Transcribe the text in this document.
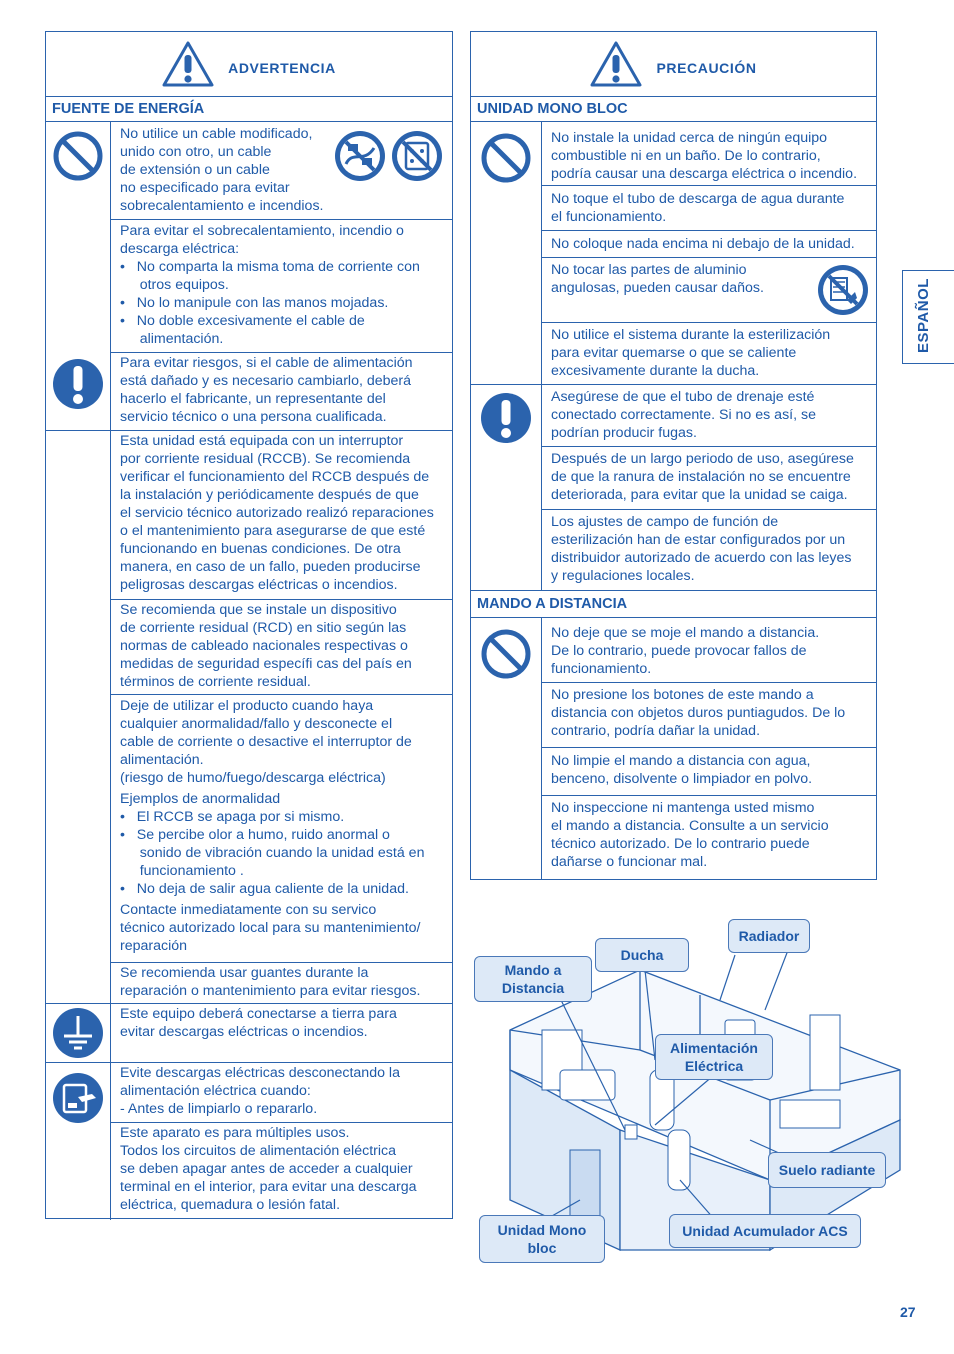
ADVERTENCIA
FUENTE DE ENERGÍA
No utilice un cable modificado,
unido con otro, un cable
de extensión o un cable
no especificado para evitar
sobrecalentamiento e incendios.
Para evitar el sobrecalentamiento, incendio o
descarga eléctrica:
•   No comparta la misma toma de corriente con
otros equipos.
•   No lo manipule con las manos mojadas.
•   No doble excesivamente el cable de
alimentación.
Para evitar riesgos, si el cable de alimentación
está dañado y es necesario cambiarlo, deberá
hacerlo el fabricante, un representante del
servicio técnico o una persona cualificada.
Esta unidad está equipada con un interruptor
por corriente residual (RCCB). Se recomienda
verificar el funcionamiento del RCCB después de
la instalación y periódicamente después de que
el servicio técnico autorizado realizó reparaciones
o el mantenimiento para asegurarse de que esté
funcionando en buenas condiciones. De otra
manera, en caso de un fallo, pueden producirse
peligrosas descargas eléctricas o incendios.
Se recomienda que se instale un dispositivo
de corriente residual (RCD) en sitio según las
normas de cableado nacionales respectivas o
medidas de seguridad específi cas del país en
términos de corriente residual.
Deje de utilizar el producto cuando haya
cualquier anormalidad/fallo y desconecte el
cable de corriente o desactive el interruptor de
alimentación.
(riesgo de humo/fuego/descarga eléctrica)
Ejemplos de anormalidad
•   El RCCB se apaga por si mismo.
•   Se percibe olor a humo, ruido anormal o
sonido de vibración cuando la unidad está en
funcionamiento .
•   No deja de salir agua caliente de la unidad.
Contacte inmediatamente con su servico
técnico autorizado local para su mantenimiento/
reparación
Se recomienda usar guantes durante la
reparación o mantenimiento para evitar riesgos.
Este equipo deberá conectarse a tierra para
evitar descargas eléctricas o incendios.
Evite descargas eléctricas desconectando la
alimentación eléctrica cuando:
- Antes de limpiarlo o repararlo.
Este aparato es para múltiples usos.
Todos los circuitos de alimentación eléctrica
se deben apagar antes de acceder a cualquier
terminal en el interior, para evitar una descarga
eléctrica, quemadura o lesión fatal.
PRECAUCIÓN
UNIDAD MONO BLOC
MANDO A DISTANCIA
No instale la unidad cerca de ningún equipo
combustible ni en un baño. De lo contrario,
podría causar una descarga eléctrica o incendio.
No toque el tubo de descarga de agua durante
el funcionamiento.
No coloque nada encima ni debajo de la unidad.
No tocar las partes de aluminio
angulosas, pueden causar daños.
No utilice el sistema durante la esterilización
para evitar quemarse o que se caliente
excesivamente durante la ducha.
Asegúrese de que el tubo de drenaje esté
conectado correctamente. Si no es así, se
podrían producir fugas.
Después de un largo periodo de uso, asegúrese
de que la ranura de instalación no se encuentre
deteriorada, para evitar que la unidad se caiga.
Los ajustes de campo de función de
esterilización han de estar configurados por un
distribuidor autorizado de acuerdo con las leyes
y regulaciones locales.
No deje que se moje el mando a distancia.
De lo contrario, puede provocar fallos de
funcionamiento.
No presione los botones de este mando a
distancia con objetos duros puntiagudos. De lo
contrario, podría dañar la unidad.
No limpie el mando a distancia con agua,
benceno, disolvente o limpiador en polvo.
No inspeccione ni mantenga usted mismo
el mando a distancia. Consulte a un servicio
técnico autorizado. De lo contrario puede
dañarse o funcionar mal.
ESPAÑOL
Radiador
Ducha
Mando a
Distancia
Alimentación
Eléctrica
Suelo radiante
Unidad Mono
bloc
Unidad Acumulador ACS
27
